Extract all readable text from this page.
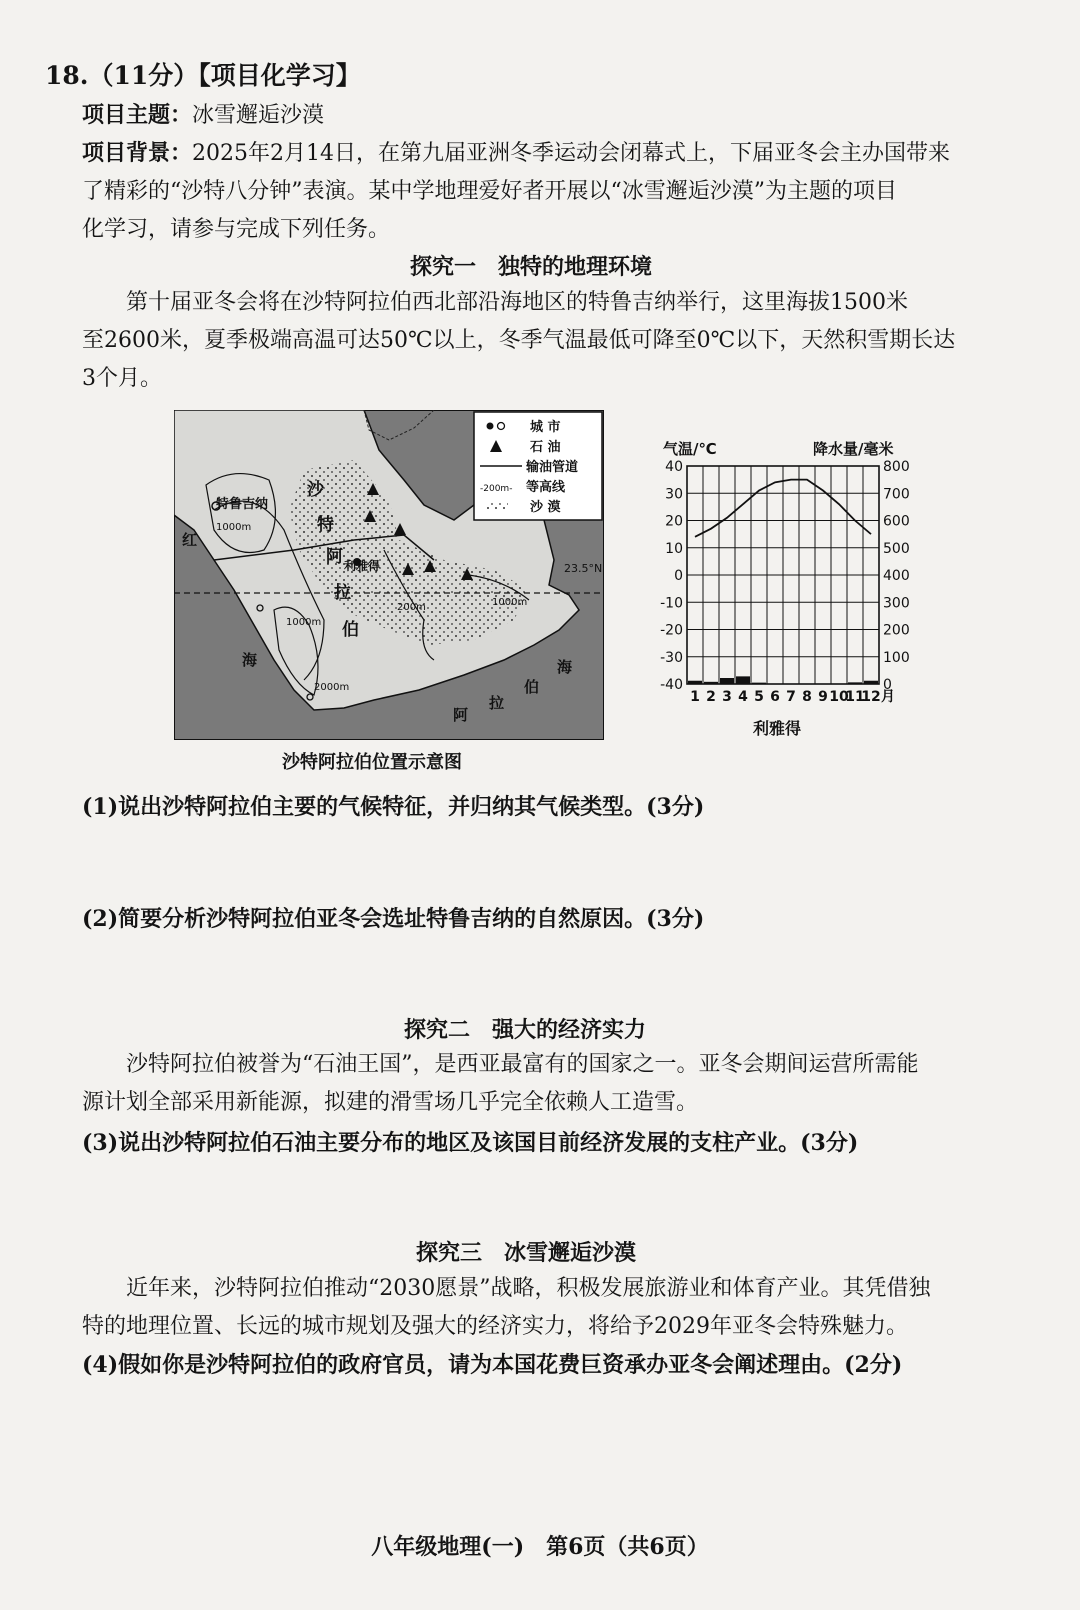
18.（11分）【项目化学习】
项目主题：冰雪邂逅沙漠
项目背景：2025年2月14日，在第九届亚洲冬季运动会闭幕式上，下届亚冬会主办国带来
了精彩的“沙特八分钟”表演。某中学地理爱好者开展以“冰雪邂逅沙漠”为主题的项目
化学习，请参与完成下列任务。
探究一　独特的地理环境
第十届亚冬会将在沙特阿拉伯西北部沿海地区的特鲁吉纳举行，这里海拔1500米
至2600米，夏季极端高温可达50℃以上，冬季气温最低可降至0℃以下，天然积雪期长达
3个月。
23.5°N
特鲁吉纳
利雅得
红
海
阿
拉
伯
海
沙
特
阿
拉
伯
1000m
1000m
1000m
200m
2000m
城 市
石 油
输油管道
-200m- 等高线
沙 漠
沙特阿拉伯位置示意图
气温/℃	降水量/毫米
40
30
20
10
0
-10
-20
-30
-40
800
700
600
500
400
300
200
100
0
1 2 3 4 5 6 7 8 9 10
11
12 月
利雅得
(1)说出沙特阿拉伯主要的气候特征，并归纳其气候类型。(3分)
(2)简要分析沙特阿拉伯亚冬会选址特鲁吉纳的自然原因。(3分)
探究二　强大的经济实力
沙特阿拉伯被誉为“石油王国”，是西亚最富有的国家之一。亚冬会期间运营所需能
源计划全部采用新能源，拟建的滑雪场几乎完全依赖人工造雪。
(3)说出沙特阿拉伯石油主要分布的地区及该国目前经济发展的支柱产业。(3分)
探究三　冰雪邂逅沙漠
近年来，沙特阿拉伯推动“2030愿景”战略，积极发展旅游业和体育产业。其凭借独
特的地理位置、长远的城市规划及强大的经济实力，将给予2029年亚冬会特殊魅力。
(4)假如你是沙特阿拉伯的政府官员，请为本国花费巨资承办亚冬会阐述理由。(2分)
八年级地理(一)　第6页（共6页）
